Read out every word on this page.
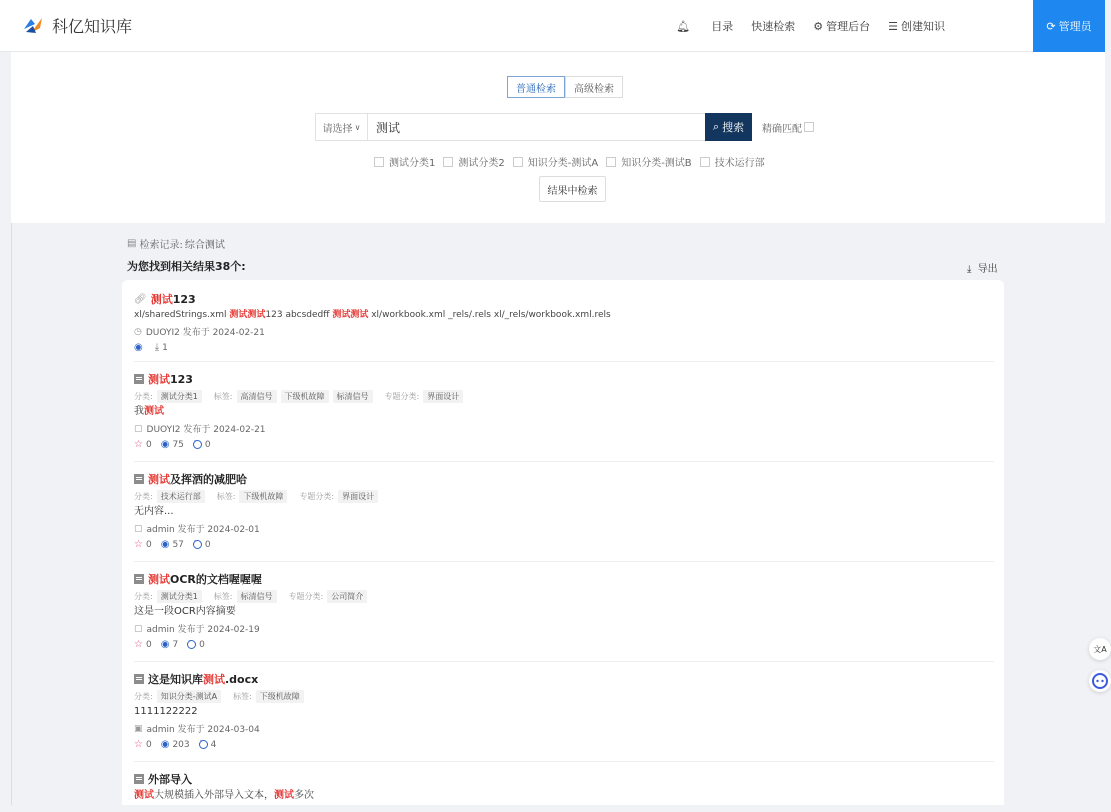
科亿知识库	🔔︎ 目录 快速检索 ⚙ 管理后台 ☰ 创建知识	⟳ 管理员
普通检索	高级检索
请选择 ∨	测试	⌕ 搜索 精确匹配
测试分类1 测试分类2 知识分类-测试A 知识分类-测试B 技术运行部
结果中检索
▤ 检索记录: 综合测试
为您找到相关结果38个:	⤓ 导出
🔗︎ 测试 123
xl/sharedStrings.xml 测试测试123 abcsdedff 测试测试 xl/workbook.xml _rels/.rels xl/_rels/workbook.xml.rels
◷ DUOYI2 发布于 2024-02-21
◉ ⤓ 1
测试 123
分类:	测试分类1	标签:	高清信号	下级机故障	标清信号	专题分类:	界面设计
我测试
▢ DUOYI2 发布于 2024-02-21
☆ 0 ◉ 75 ··· 0
测试 及挥洒的减肥哈
分类:	技术运行部	标签:	下级机故障	专题分类:	界面设计
无内容...
▢ admin 发布于 2024-02-01
☆ 0 ◉ 57 ··· 0
测试 OCR的文档喔喔喔
分类:	测试分类1	标签:	标清信号	专题分类:	公司简介
这是一段OCR内容摘要
▢ admin 发布于 2024-02-19
☆ 0 ◉ 7 ··· 0
这是知识库 测试 .docx
分类:	知识分类-测试A	标签:	下级机故障
1111122222
▣ admin 发布于 2024-03-04
☆ 0 ◉ 203 ··· 4
外部导入
测试大规模插入外部导入文本，测试多次
文A
